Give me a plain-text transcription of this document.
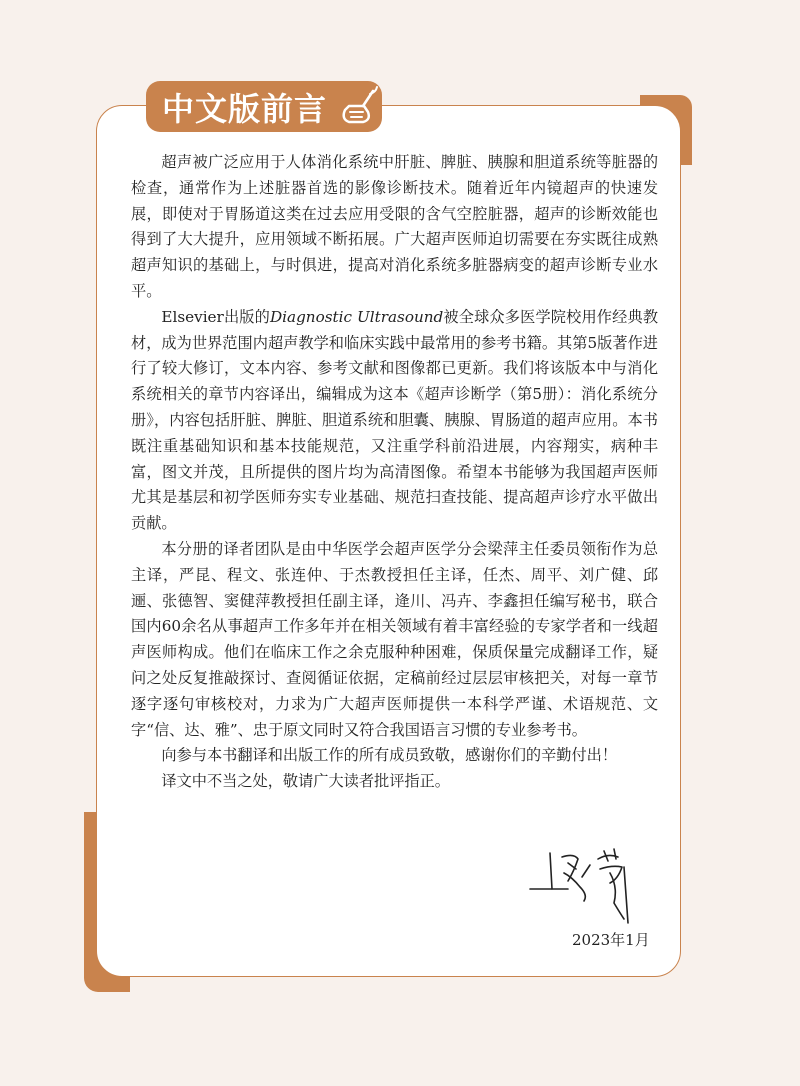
中文版前言

超声被广泛应用于人体消化系统中肝脏、脾脏、胰腺和胆道系统等脏器的检查，通常作为上述脏器首选的影像诊断技术。随着近年内镜超声的快速发展，即使对于胃肠道这类在过去应用受限的含气空腔脏器，超声的诊断效能也得到了大大提升，应用领域不断拓展。广大超声医师迫切需要在夯实既往成熟超声知识的基础上，与时俱进，提高对消化系统多脏器病变的超声诊断专业水平。

Elsevier出版的Diagnostic Ultrasound被全球众多医学院校用作经典教材，成为世界范围内超声教学和临床实践中最常用的参考书籍。其第5版著作进行了较大修订，文本内容、参考文献和图像都已更新。我们将该版本中与消化系统相关的章节内容译出，编辑成为这本《超声诊断学（第5册）：消化系统分册》，内容包括肝脏、脾脏、胆道系统和胆囊、胰腺、胃肠道的超声应用。本书既注重基础知识和基本技能规范，又注重学科前沿进展，内容翔实，病种丰富，图文并茂，且所提供的图片均为高清图像。希望本书能够为我国超声医师尤其是基层和初学医师夯实专业基础、规范扫查技能、提高超声诊疗水平做出贡献。

本分册的译者团队是由中华医学会超声医学分会梁萍主任委员领衔作为总主译，严昆、程文、张连仲、于杰教授担任主译，任杰、周平、刘广健、邱逦、张德智、窦健萍教授担任副主译，逄川、冯卉、李鑫担任编写秘书，联合国内60余名从事超声工作多年并在相关领域有着丰富经验的专家学者和一线超声医师构成。他们在临床工作之余克服种种困难，保质保量完成翻译工作，疑问之处反复推敲探讨、查阅循证依据，定稿前经过层层审核把关，对每一章节逐字逐句审核校对，力求为广大超声医师提供一本科学严谨、术语规范、文字“信、达、雅”、忠于原文同时又符合我国语言习惯的专业参考书。

向参与本书翻译和出版工作的所有成员致敬，感谢你们的辛勤付出！

译文中不当之处，敬请广大读者批评指正。

2023年1月
